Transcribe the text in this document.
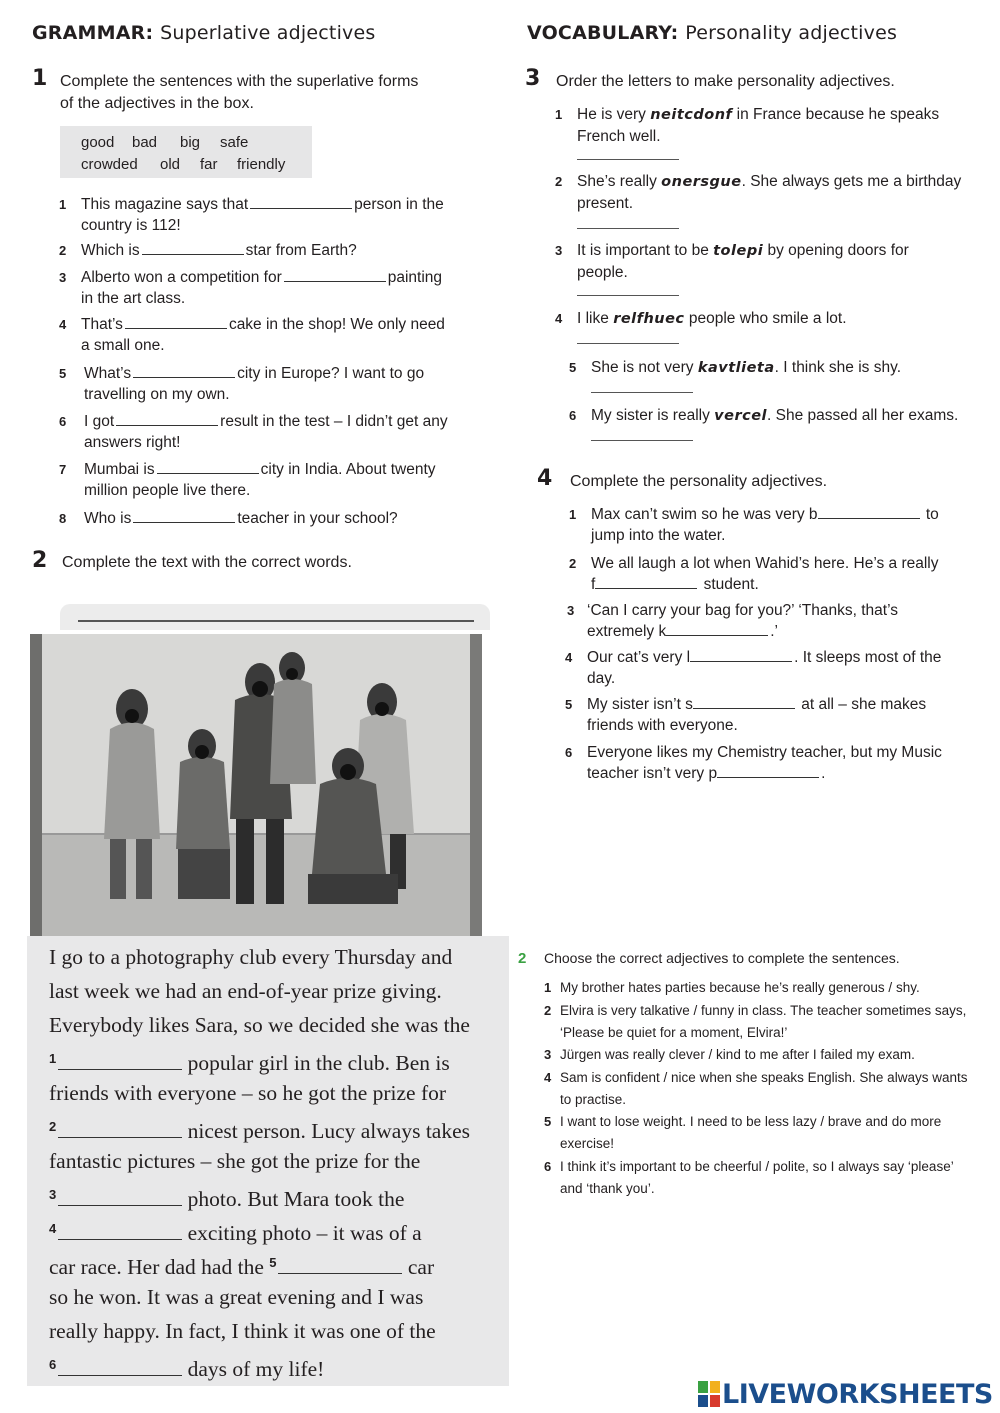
GRAMMAR: Superlative adjectives
1 Complete the sentences with the superlative forms
of the adjectives in the box.
good bad big safe
crowded old far friendly
1 This magazine says that	person in the
country is 112!
2 Which is	star from Earth?
3 Alberto won a competition for	painting
in the art class.
4 That’s	cake in the shop! We only need
a small one.
5 What’s	city in Europe? I want to go
travelling on my own.
6 I got	result in the test – I didn’t get any
answers right!
7 Mumbai is	city in India. About twenty
million people live there.
8 Who is	teacher in your school?
2 Complete the text with the correct words.
I go to a photography club every Thursday and
last week we had an end-of-year prize giving.
Everybody likes Sara, so we decided she was the
$^1$	popular girl in the club. Ben is
friends with everyone – so he got the prize for
$^2$	nicest person. Lucy always takes
fantastic pictures – she got the prize for the
$^3$	photo. But Mara took the
$^4$	exciting photo – it was of a
car race. Her dad had the $^5$	car
so he won. It was a great evening and I was
really happy. In fact, I think it was one of the
$^6$	days of my life!
VOCABULARY: Personality adjectives
3 Order the letters to make personality adjectives.
1 He is very neitcdonf in France because he speaks
French well.
2 She’s really onersgue. She always gets me a birthday
present.
3 It is important to be tolepi by opening doors for
people.
4 I like relfhuec people who smile a lot.
5 She is not very kavtlieta. I think she is shy.
6 My sister is really vercel. She passed all her exams.
4 Complete the personality adjectives.
1 Max can’t swim so he was very b	to
jump into the water.
2 We all laugh a lot when Wahid’s here. He’s a really
f	student.
3 ‘Can I carry your bag for you?’ ‘Thanks, that’s
extremely k	.’
4 Our cat’s very l	. It sleeps most of the
day.
5 My sister isn’t s	at all – she makes
friends with everyone.
6 Everyone likes my Chemistry teacher, but my Music
teacher isn’t very p	.
2 Choose the correct adjectives to complete the sentences.
1 My brother hates parties because he’s really generous / shy.
2 Elvira is very talkative / funny in class. The teacher sometimes says,
‘Please be quiet for a moment, Elvira!’
3 Jürgen was really clever / kind to me after I failed my exam.
4 Sam is confident / nice when she speaks English. She always wants
to practise.
5 I want to lose weight. I need to be less lazy / brave and do more
exercise!
6 I think it’s important to be cheerful / polite, so I always say ‘please’
and ‘thank you’.
LIVEWORKSHEETS
